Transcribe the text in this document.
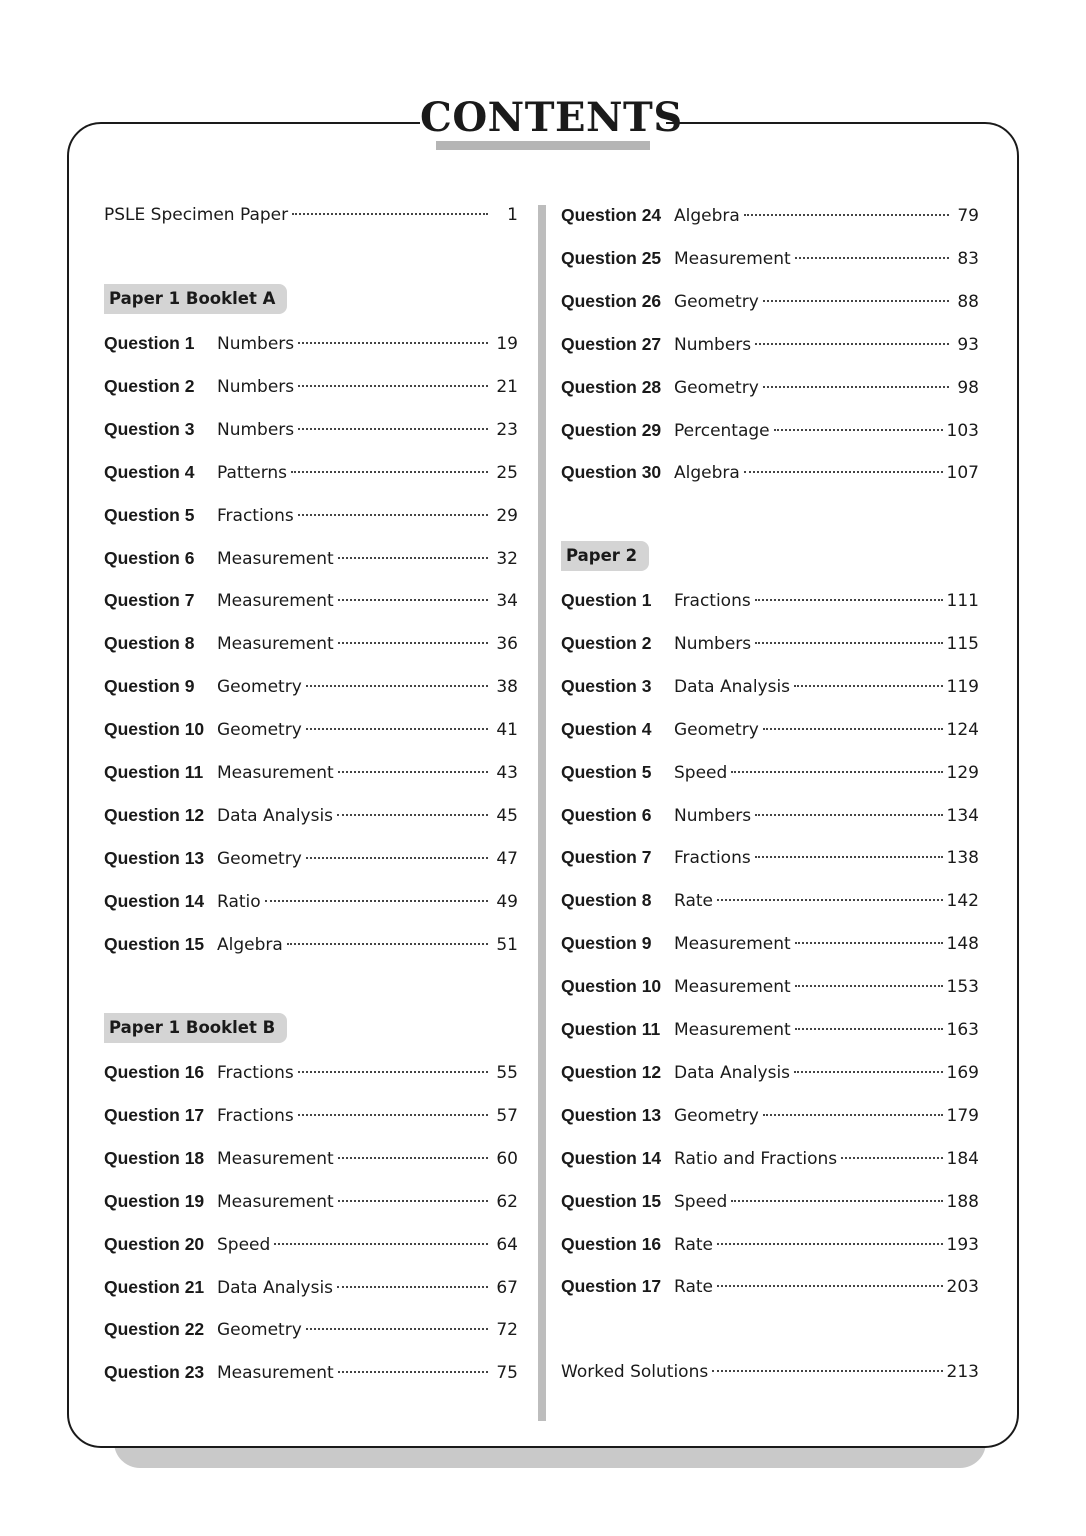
CONTENTS
PSLE Specimen Paper	1
Paper 1 Booklet A
Question 1	Numbers	19
Question 2	Numbers	21
Question 3	Numbers	23
Question 4	Patterns	25
Question 5	Fractions	29
Question 6	Measurement	32
Question 7	Measurement	34
Question 8	Measurement	36
Question 9	Geometry	38
Question 10 Geometry	41
Question 11 Measurement	43
Question 12 Data Analysis	45
Question 13 Geometry	47
Question 14 Ratio	49
Question 15 Algebra	51
Paper 1 Booklet B
Question 16 Fractions	55
Question 17 Fractions	57
Question 18 Measurement	60
Question 19 Measurement	62
Question 20 Speed	64
Question 21 Data Analysis	67
Question 22 Geometry	72
Question 23 Measurement	75
Question 24 Algebra	79
Question 25 Measurement	83
Question 26 Geometry	88
Question 27 Numbers	93
Question 28 Geometry	98
Question 29 Percentage	103
Question 30 Algebra	107
Paper 2
Question 1	Fractions	111
Question 2	Numbers	115
Question 3	Data Analysis	119
Question 4	Geometry	124
Question 5	Speed	129
Question 6	Numbers	134
Question 7	Fractions	138
Question 8	Rate	142
Question 9	Measurement	148
Question 10 Measurement	153
Question 11 Measurement	163
Question 12 Data Analysis	169
Question 13 Geometry	179
Question 14 Ratio and Fractions	184
Question 15 Speed	188
Question 16 Rate	193
Question 17 Rate	203
Worked Solutions	213
